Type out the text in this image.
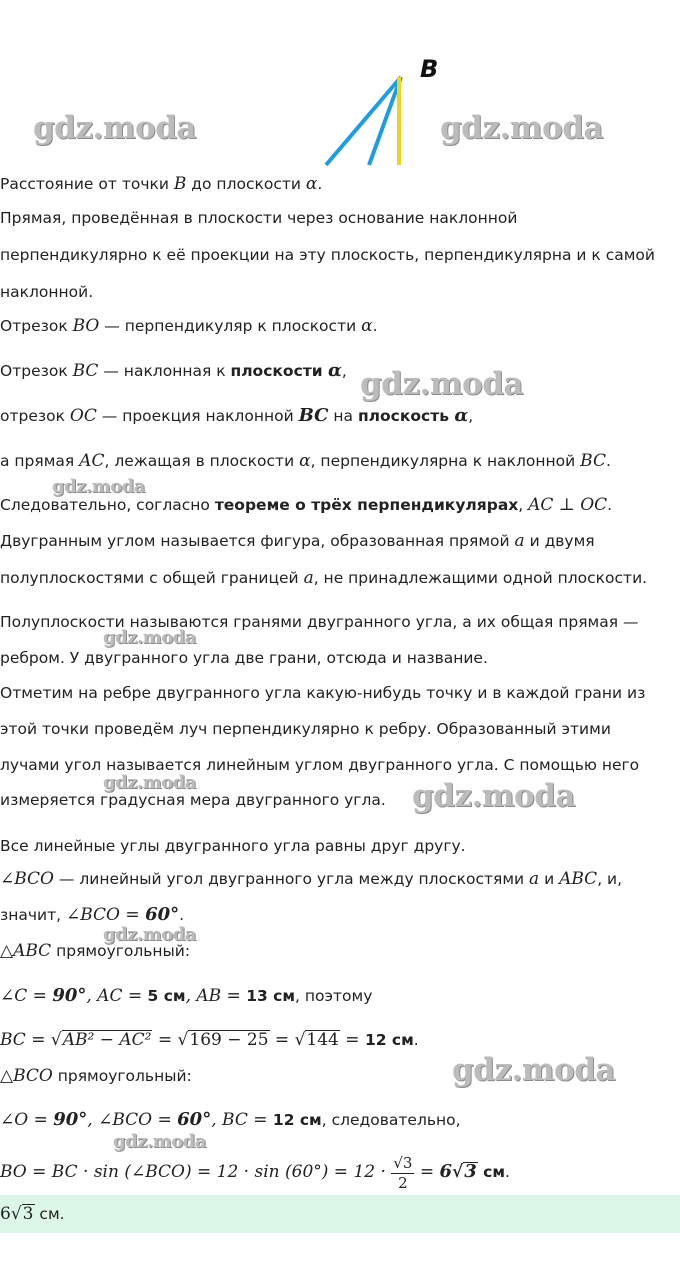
B
gdz.moda	gdz.moda
gdz.moda
gdz.moda
gdz.moda
gdz.moda	gdz.moda
gdz.moda
gdz.moda
gdz.moda
Расстояние от точки B до плоскости α.
Прямая, проведённая в плоскости через основание наклонной
перпендикулярно к её проекции на эту плоскость, перпендикулярна и к самой
наклонной.
Отрезок BO — перпендикуляр к плоскости α.
Отрезок BC — наклонная к плоскости α,
отрезок OC — проекция наклонной BC на плоскость α,
а прямая AC, лежащая в плоскости α, перпендикулярна к наклонной BC.
Следовательно, согласно теореме о трёх перпендикулярах, AC ⊥ OC.
Двугранным углом называется фигура, образованная прямой a и двумя
полуплоскостями с общей границей a, не принадлежащими одной плоскости.
Полуплоскости называются гранями двугранного угла, а их общая прямая —
ребром. У двугранного угла две грани, отсюда и название.
Отметим на ребре двугранного угла какую-нибудь точку и в каждой грани из
этой точки проведём луч перпендикулярно к ребру. Образованный этими
лучами угол называется линейным углом двугранного угла. С помощью него
измеряется градусная мера двугранного угла.
Все линейные углы двугранного угла равны друг другу.
∠BCO — линейный угол двугранного угла между плоскостями a и ABC, и,
значит, ∠BCO = 60°.
△ABC прямоугольный:
∠C = 90°, AC = 5 см, AB = 13 см, поэтому
BC = √AB² − AC² = √169 − 25 = √144 = 12 см.
△BCO прямоугольный:
∠O = 90°, ∠BCO = 60°, BC = 12 см, следовательно,
BO = BC · sin (∠BCO) = $12 \cdot \sin (60^\circ) = 12 \cdot \frac{√3}{2} = 6√3$ см.
6√3 см.
